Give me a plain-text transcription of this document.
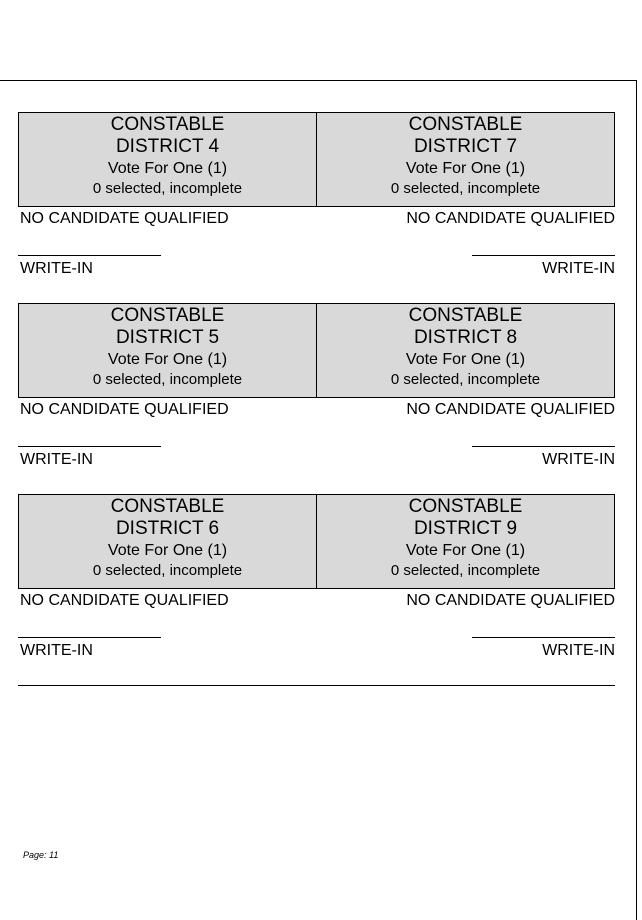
CONSTABLE
DISTRICT 4
Vote For One (1)
0 selected, incomplete
CONSTABLE
DISTRICT 7
Vote For One (1)
0 selected, incomplete
NO CANDIDATE QUALIFIED
WRITE-IN
NO CANDIDATE QUALIFIED
WRITE-IN
CONSTABLE
DISTRICT 5
Vote For One (1)
0 selected, incomplete
CONSTABLE
DISTRICT 8
Vote For One (1)
0 selected, incomplete
NO CANDIDATE QUALIFIED
WRITE-IN
NO CANDIDATE QUALIFIED
WRITE-IN
CONSTABLE
DISTRICT 6
Vote For One (1)
0 selected, incomplete
CONSTABLE
DISTRICT 9
Vote For One (1)
0 selected, incomplete
NO CANDIDATE QUALIFIED
WRITE-IN
NO CANDIDATE QUALIFIED
WRITE-IN
Page: 11
